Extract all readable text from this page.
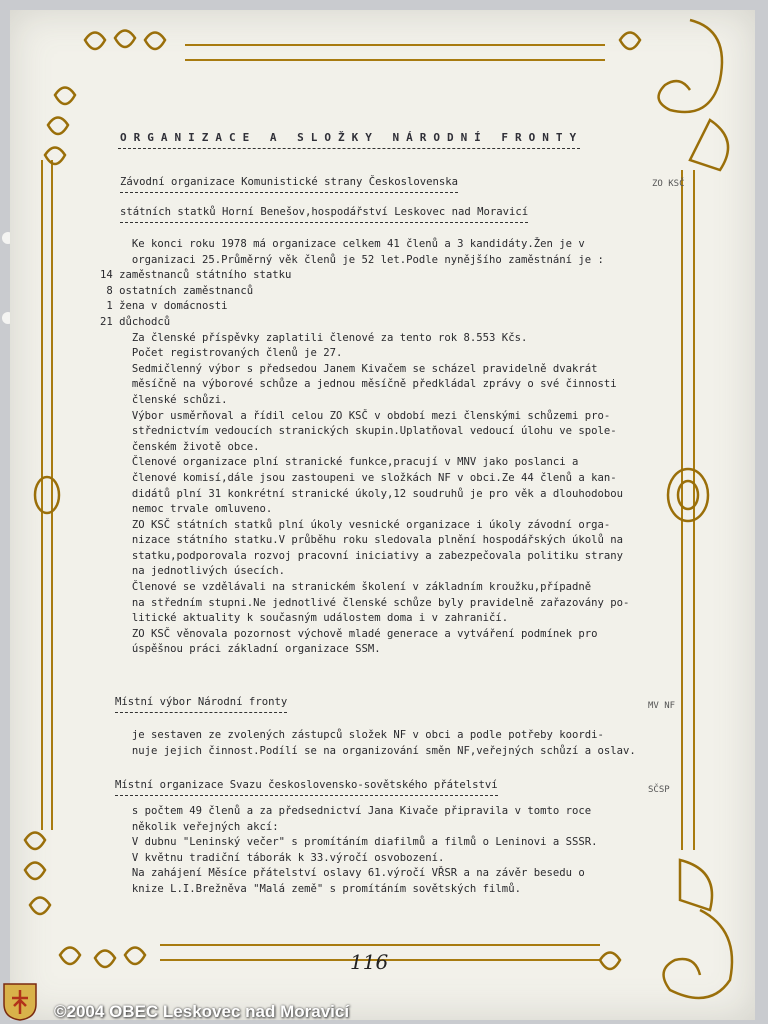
ORGANIZACE A SLOŽKY NÁRODNÍ FRONTY
Závodní organizace Komunistické strany Československa	ZO KSČ
státních statků Horní Benešov,hospodářství Leskovec nad Moravicí

Ke konci roku 1978 má organizace celkem 41 členů a 3 kandidáty.Žen je v

organizaci 25.Průměrný věk členů je 52 let.Podle nynějšího zaměstnání je :

14 zaměstnanců státního statku

8 ostatních zaměstnanců

1 žena v domácnosti

21 důchodců

Za členské příspěvky zaplatili členové za tento rok 8.553 Kčs.

Počet registrovaných členů je 27.

Sedmičlenný výbor s předsedou Janem Kivačem se scházel pravidelně dvakrát

měsíčně na výborové schůze a jednou měsíčně předkládal zprávy o své činnosti

členské schůzi.

Výbor usměrňoval a řídil celou ZO KSČ v období mezi členskými schůzemi pro-

střednictvím vedoucích stranických skupin.Uplatňoval vedoucí úlohu ve spole-

čenském životě obce.

Členové organizace plní stranické funkce,pracují v MNV jako poslanci a

členové komisí,dále jsou zastoupeni ve složkách NF v obci.Ze 44 členů a kan-

didátů plní 31 konkrétní stranické úkoly,12 soudruhů je pro věk a dlouhodobou

nemoc trvale omluveno.

ZO KSČ státních statků plní úkoly vesnické organizace i úkoly závodní orga-

nizace státního statku.V průběhu roku sledovala plnění hospodářských úkolů na

statku,podporovala rozvoj pracovní iniciativy a zabezpečovala politiku strany

na jednotlivých úsecích.

Členové se vzdělávali na stranickém školení v základním kroužku,případně

na středním stupni.Ne jednotlivé členské schůze byly pravidelně zařazovány po-

litické aktuality k současným událostem doma i v zahraničí.

ZO KSČ věnovala pozornost výchově mladé generace a vytváření podmínek pro

úspěšnou práci základní organizace SSM.

Místní výbor Národní fronty	MV NF

je sestaven ze zvolených zástupců složek NF v obci a podle potřeby koordi-

nuje jejich činnost.Podílí se na organizování směn NF,veřejných schůzí a oslav.

Místní organizace Svazu československo-sovětského přátelství	SČSP

s počtem 49 členů a za předsednictví Jana Kivače připravila v tomto roce

několik veřejných akcí:

V dubnu "Leninský večer" s promítáním diafilmů a filmů o Leninovi a SSSR.

V květnu tradiční táborák k 33.výročí osvobození.

Na zahájení Měsíce přátelství oslavy 61.výročí VŘSR a na závěr besedu o

knize L.I.Brežněva "Malá země" s promítáním sovětských filmů.

116
©2004 OBEC Leskovec nad Moravicí
